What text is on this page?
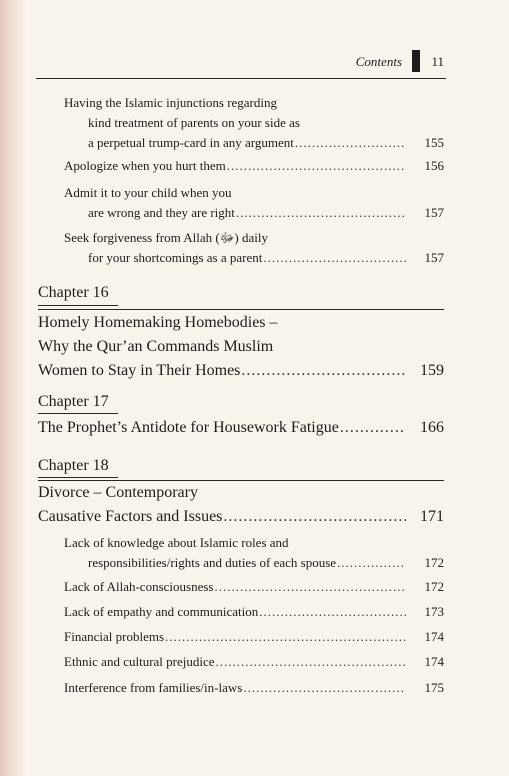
Contents 11
Having the Islamic injunctions regarding
kind treatment of parents on your side as
a perpetual trump-card in any argument .....	155
Apologize when you hurt them .....	156
Admit it to your child when you
are wrong and they are right .....	157
Seek forgiveness from Allah (ﷻ) daily
for your shortcomings as a parent .....	157
Chapter 16
Homely Homemaking Homebodies –
Why the Qur’an Commands Muslim
Women to Stay in Their Homes .....	159
Chapter 17
The Prophet’s Antidote for Housework Fatigue .....	166
Chapter 18
Divorce – Contemporary
Causative Factors and Issues .....	171
Lack of knowledge about Islamic roles and
responsibilities/rights and duties of each spouse .....	172
Lack of Allah-consciousness .....	172
Lack of empathy and communication .....	173
Financial problems .....	174
Ethnic and cultural prejudice .....	174
Interference from families/in-laws .....	175
